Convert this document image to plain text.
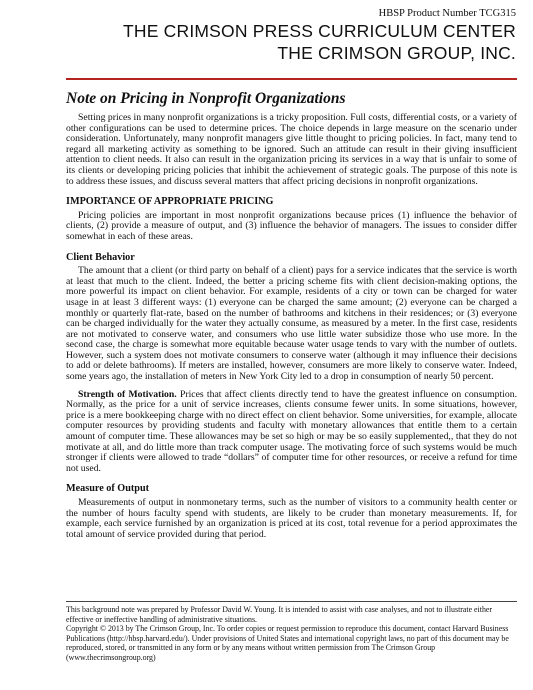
HBSP Product Number TCG315
THE CRIMSON PRESS CURRICULUM CENTER
THE CRIMSON GROUP, INC.
Note on Pricing in Nonprofit Organizations

Setting prices in many nonprofit organizations is a tricky proposition. Full costs, differential costs, or a variety of other configurations can be used to determine prices. The choice depends in large measure on the scenario under consideration. Unfortunately, many nonprofit managers give little thought to pricing policies. In fact, many tend to regard all marketing activity as something to be ignored. Such an attitude can result in their giving insufficient attention to client needs. It also can result in the organization pricing its services in a way that is unfair to some of its clients or developing pricing policies that inhibit the achievement of strategic goals. The purpose of this note is to address these issues, and discuss several matters that affect pricing decisions in nonprofit organizations.

IMPORTANCE OF APPROPRIATE PRICING

Pricing policies are important in most nonprofit organizations because prices (1) influence the behavior of clients, (2) provide a measure of output, and (3) influence the behavior of managers. The issues to consider differ somewhat in each of these areas.

Client Behavior

The amount that a client (or third party on behalf of a client) pays for a service indicates that the service is worth at least that much to the client. Indeed, the better a pricing scheme fits with client decision-making options, the more powerful its impact on client behavior. For example, residents of a city or town can be charged for water usage in at least 3 different ways: (1) everyone can be charged the same amount; (2) everyone can be charged a monthly or quarterly flat-rate, based on the number of bathrooms and kitchens in their residences; or (3) everyone can be charged individually for the water they actually consume, as measured by a meter. In the first case, residents are not motivated to conserve water, and consumers who use little water subsidize those who use more. In the second case, the charge is somewhat more equitable because water usage tends to vary with the number of outlets. However, such a system does not motivate consumers to conserve water (although it may influence their decisions to add or delete bathrooms). If meters are installed, however, consumers are more likely to conserve water. Indeed, some years ago, the installation of meters in New York City led to a drop in consumption of nearly 50 percent.

Strength of Motivation. Prices that affect clients directly tend to have the greatest influence on consumption. Normally, as the price for a unit of service increases, clients consume fewer units. In some situations, however, price is a mere bookkeeping charge with no direct effect on client behavior. Some universities, for example, allocate computer resources by providing students and faculty with monetary allowances that entitle them to a certain amount of computer time. These allowances may be set so high or may be so easily supplemented,, that they do not motivate at all, and do little more than track computer usage. The motivating force of such systems would be much stronger if clients were allowed to trade “dollars” of computer time for other resources, or receive a refund for time not used.

Measure of Output

Measurements of output in nonmonetary terms, such as the number of visitors to a community health center or the number of hours faculty spend with students, are likely to be cruder than monetary measurements. If, for example, each service furnished by an organization is priced at its cost, total revenue for a period approximates the total amount of service provided during that period.

This background note was prepared by Professor David W. Young. It is intended to assist with case analyses, and not to illustrate either effective or ineffective handling of administrative situations.

Copyright © 2013 by The Crimson Group, Inc. To order copies or request permission to reproduce this document, contact Harvard Business Publications (http://hbsp.harvard.edu/). Under provisions of United States and international copyright laws, no part of this document may be reproduced, stored, or transmitted in any form or by any means without written permission from The Crimson Group (www.thecrimsongroup.org)
